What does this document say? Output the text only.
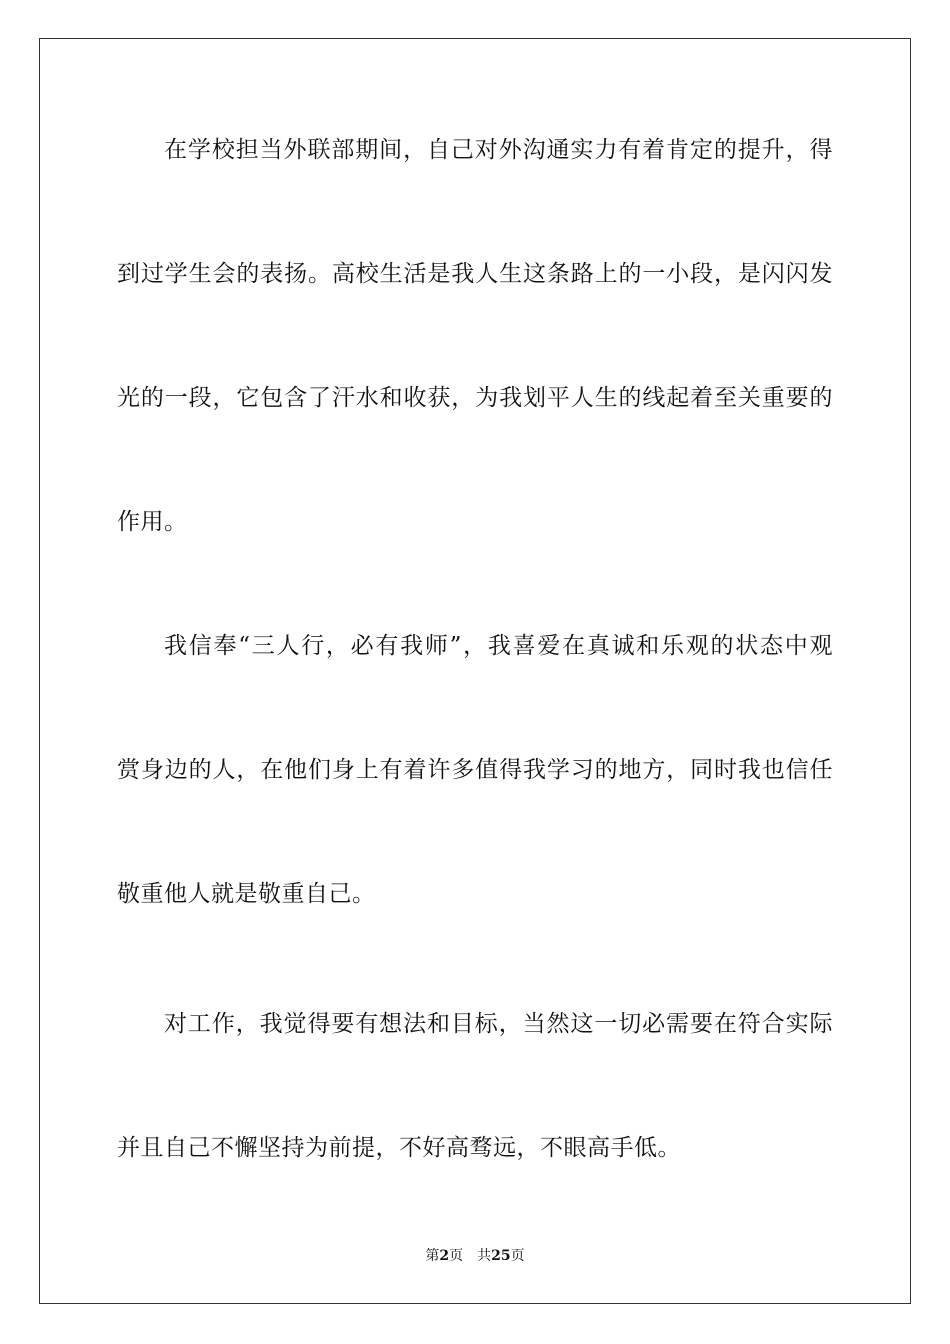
在学校担当外联部期间，自己对外沟通实力有着肯定的提升，得
到过学生会的表扬。高校生活是我人生这条路上的一小段，是闪闪发
光的一段，它包含了汗水和收获，为我划平人生的线起着至关重要的
作用。
我信奉“三人行，必有我师”，我喜爱在真诚和乐观的状态中观
赏身边的人，在他们身上有着许多值得我学习的地方，同时我也信任
敬重他人就是敬重自己。
对工作，我觉得要有想法和目标，当然这一切必需要在符合实际
并且自己不懈坚持为前提，不好高骛远，不眼高手低。
第2页 共25页
